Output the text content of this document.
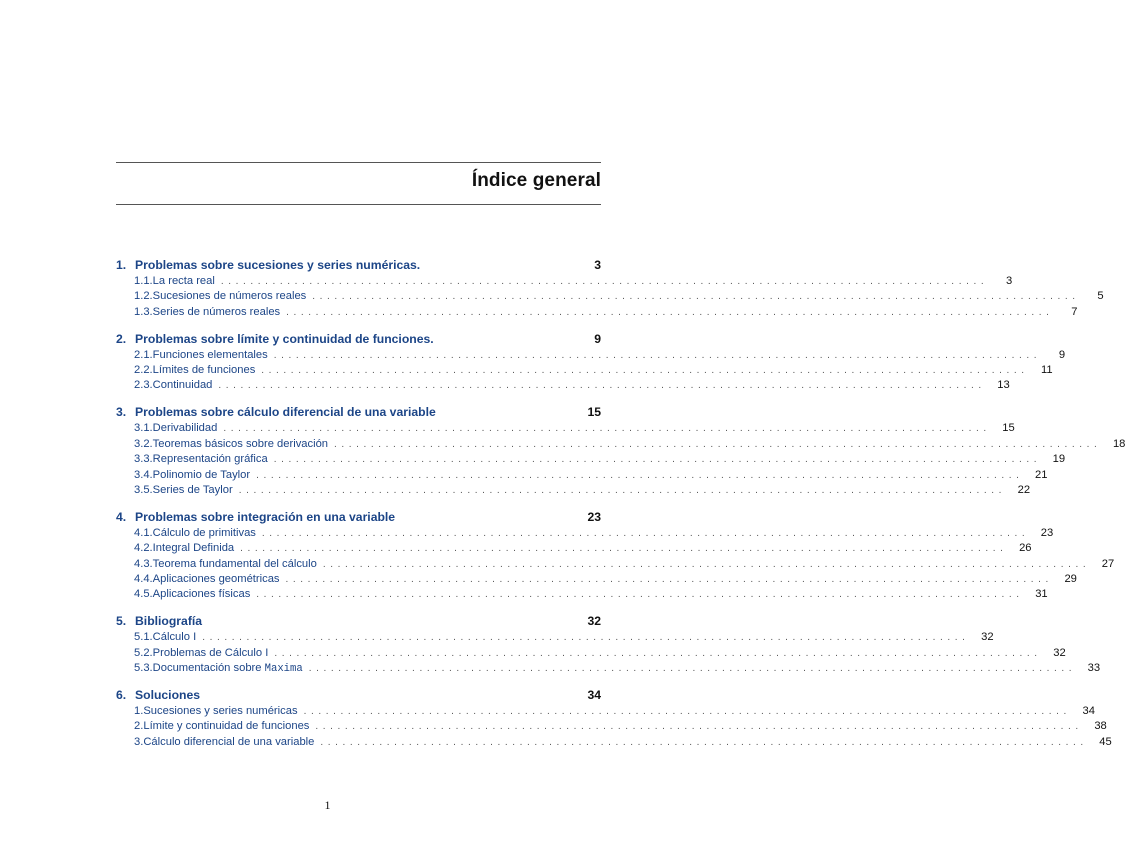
Índice general
1. Problemas sobre sucesiones y series numéricas.	3
1.1. La recta real ........................................................................................................	3
1.2. Sucesiones de números reales ........................................................................................................	5
1.3. Series de números reales ........................................................................................................	7
2. Problemas sobre límite y continuidad de funciones.	9
2.1. Funciones elementales ........................................................................................................	9
2.2. Límites de funciones ........................................................................................................	11
2.3. Continuidad ........................................................................................................	13
3. Problemas sobre cálculo diferencial de una variable	15
3.1. Derivabilidad ........................................................................................................	15
3.2. Teoremas básicos sobre derivación ........................................................................................................	18
3.3. Representación gráfica ........................................................................................................	19
3.4. Polinomio de Taylor ........................................................................................................	21
3.5. Series de Taylor ........................................................................................................	22
4. Problemas sobre integración en una variable	23
4.1. Cálculo de primitivas ........................................................................................................	23
4.2. Integral Definida ........................................................................................................	26
4.3. Teorema fundamental del cálculo ........................................................................................................	27
4.4. Aplicaciones geométricas ........................................................................................................	29
4.5. Aplicaciones físicas ........................................................................................................	31
5. Bibliografía	32
5.1. Cálculo I ........................................................................................................	32
5.2. Problemas de Cálculo I ........................................................................................................	32
5.3. Documentación sobre Maxima ........................................................................................................	33
6. Soluciones	34
1. Sucesiones y series numéricas ........................................................................................................	34
2. Límite y continuidad de funciones ........................................................................................................	38
3. Cálculo diferencial de una variable ........................................................................................................	45
1
